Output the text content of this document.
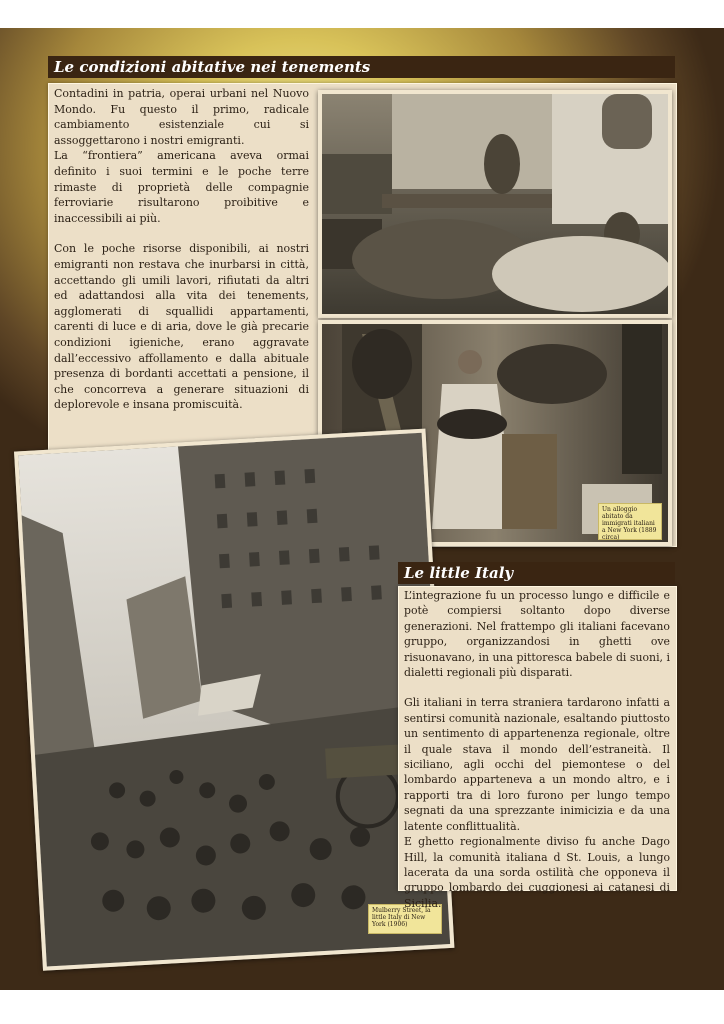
Le condizioni abitative nei tenements

Contadini in patria, operai urbani nel Nuovo Mondo. Fu questo il primo, radicale cambiamento esistenziale cui si assoggettarono i nostri emigranti.

La “frontiera” americana aveva ormai definito i suoi termini e le poche terre rimaste di proprietà delle compagnie ferroviarie risultarono proibitive e inaccessibili ai più.

Con le poche risorse disponibili, ai nostri emigranti non restava che inurbarsi in città, accettando gli umili lavori, rifiutati da altri ed adattandosi alla vita dei tenements, agglomerati di squallidi appartamenti, carenti di luce e di aria, dove le già precarie condizioni igieniche, erano aggravate dall’eccessivo affollamento e dalla abituale presenza di bordanti accettati a pensione, il che concorreva a generare situazioni di deplorevole e insana promiscuità.

Un alloggio abitato da immigrati italiani a New York (1889 circa)
Mulberry Street, la little Italy di New York (1906)
Le little Italy

L’integrazione fu un processo lungo e difficile e potè compiersi soltanto dopo diverse generazioni. Nel frattempo gli italiani facevano gruppo, organizzandosi in ghetti ove risuonavano, in una pittoresca babele di suoni, i dialetti regionali più disparati.

Gli italiani in terra straniera tardarono infatti a sentirsi comunità nazionale, esaltando piuttosto un sentimento di appartenenza regionale, oltre il quale stava il mondo dell’estraneità. Il siciliano, agli occhi del piemontese o del lombardo apparteneva a un mondo altro, e i rapporti tra di loro furono per lungo tempo segnati da una sprezzante inimicizia e da una latente conflittualità.

E ghetto regionalmente diviso fu anche Dago Hill, la comunità italiana d St. Louis, a lungo lacerata da una sorda ostilità che opponeva il gruppo lombardo dei cuggionesi ai catanesi di Sicilia.
